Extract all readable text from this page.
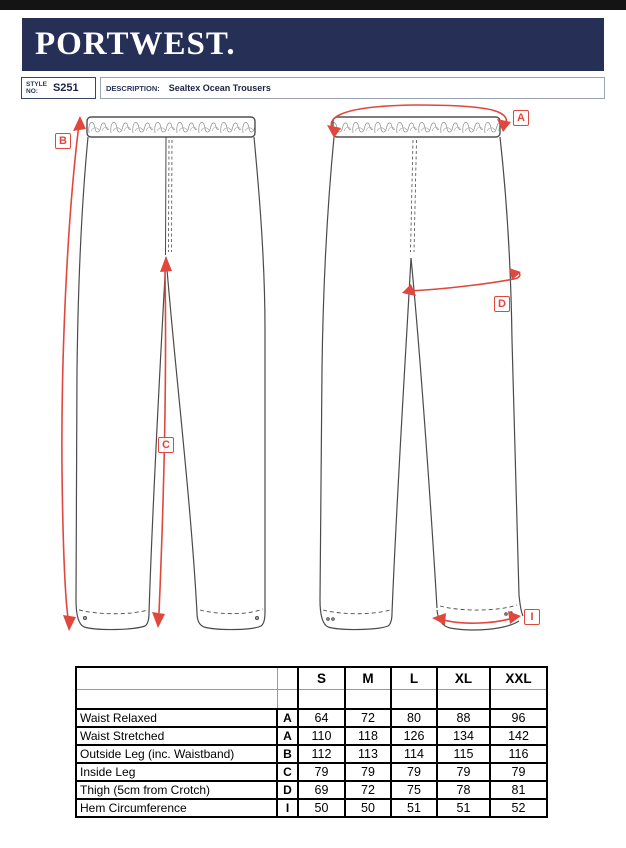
PORTWEST.
STYLE
NO:	S251	DESCRIPTION: Sealtex Ocean Trousers
A
B
C
D
I
		S	M	L	XL	XXL

Waist Relaxed	A	64	72	80	88	96
Waist Stretched	A	110	118	126	134	142
Outside Leg (inc. Waistband)	B	112	113	114	115	116
Inside Leg	C	79	79	79	79	79
Thigh (5cm from Crotch)	D	69	72	75	78	81
Hem Circumference	I	50	50	51	51	52
